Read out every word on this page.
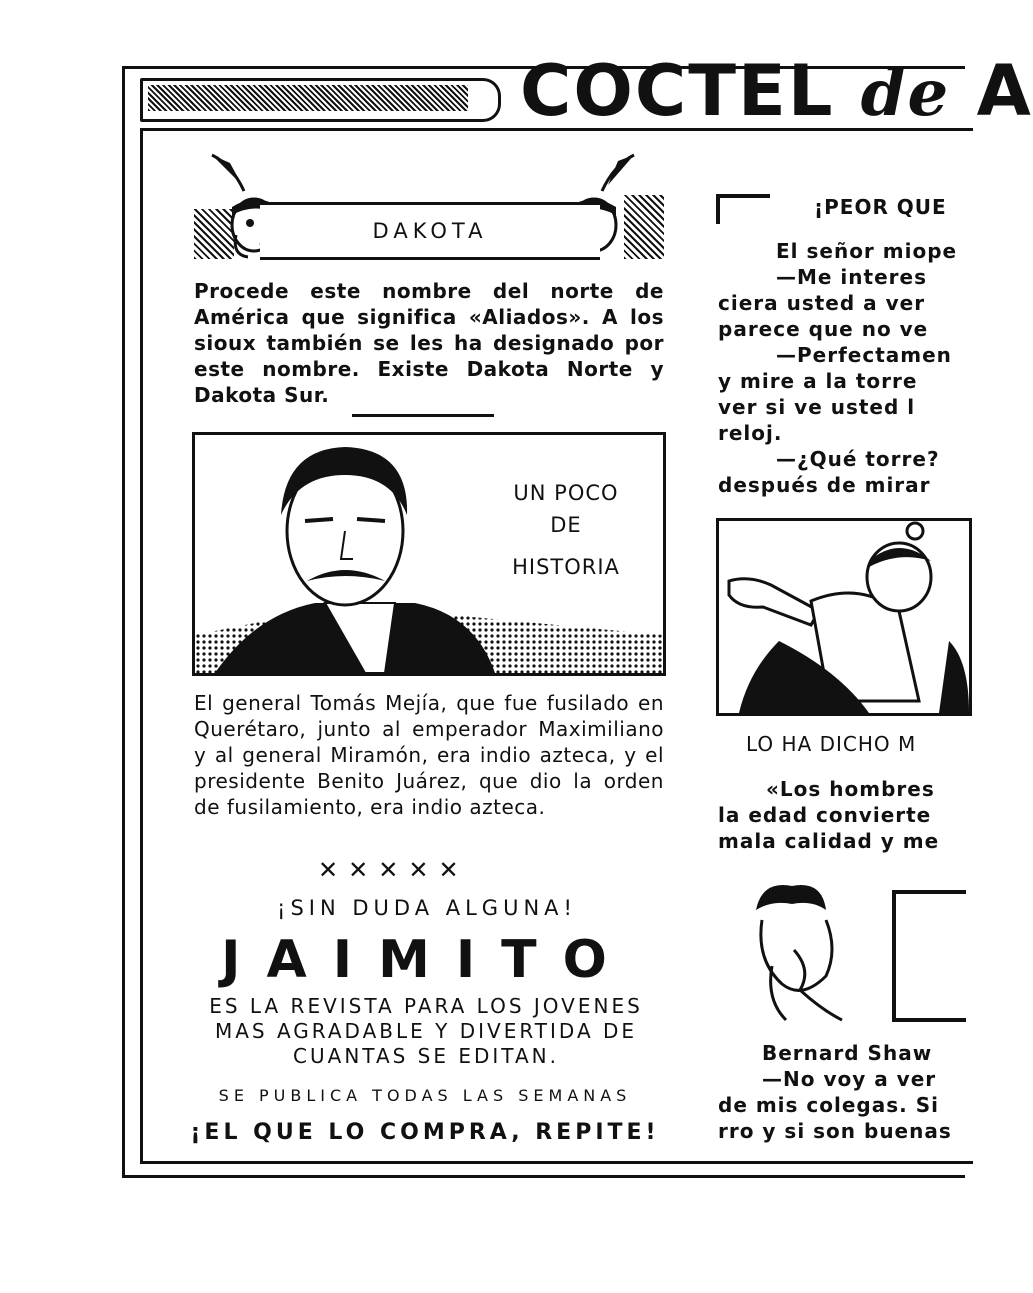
COCTEL de A
DAKOTA
Procede este nombre del norte de América que significa «Aliados». A los sioux también se les ha designado por este nombre. Existe Dakota Norte y Dakota Sur.
UN POCO
DE
HISTORIA
El general Tomás Mejía, que fue fusilado en Querétaro, junto al emperador Maximiliano y al general Miramón, era indio azteca, y el presidente Benito Juárez, que dio la orden de fusilamiento, era indio azteca.
✕✕✕✕✕
¡SIN DUDA ALGUNA!
JAIMITO
ES LA REVISTA PARA LOS JOVENES MAS AGRADABLE Y DIVERTIDA DE CUANTAS SE EDITAN.
SE PUBLICA TODAS LAS SEMANAS
¡EL QUE LO COMPRA, REPITE!
¡PEOR QUE
El señor miope
—Me interes
ciera usted a ver
parece que no ve
—Perfectamen
y mire a la torre
ver si ve usted l
reloj.
—¿Qué torre?
después de mirar
LO HA DICHO M
«Los hombres
la edad convierte
mala calidad y me
Bernard Shaw
—No voy a ver
de mis colegas. Si
rro y si son buenas
